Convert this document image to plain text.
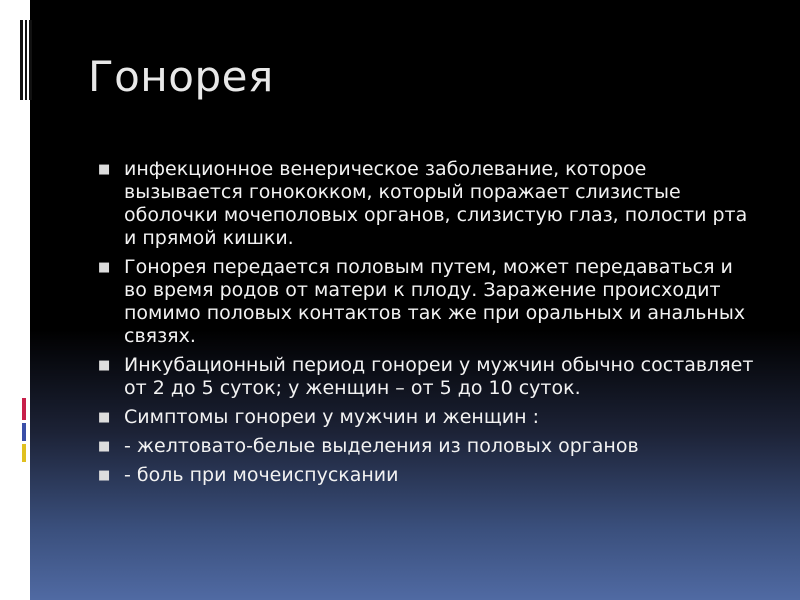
Гонорея
■ инфекционное венерическое заболевание, которое вызывается гонококком, который поражает слизистые оболочки мочеполовых органов, слизистую глаз, полости рта и прямой кишки.
■ Гонорея передается половым путем, может передаваться и во время родов от матери к плоду. Заражение происходит помимо половых контактов так же при оральных и анальных связях.
■ Инкубационный период гонореи у мужчин обычно составляет от 2 до 5 суток; у женщин – от 5 до 10 суток.
■ Симптомы гонореи у мужчин и женщин :
■ - желтовато-белые выделения из половых органов
■ - боль при мочеиспускании
